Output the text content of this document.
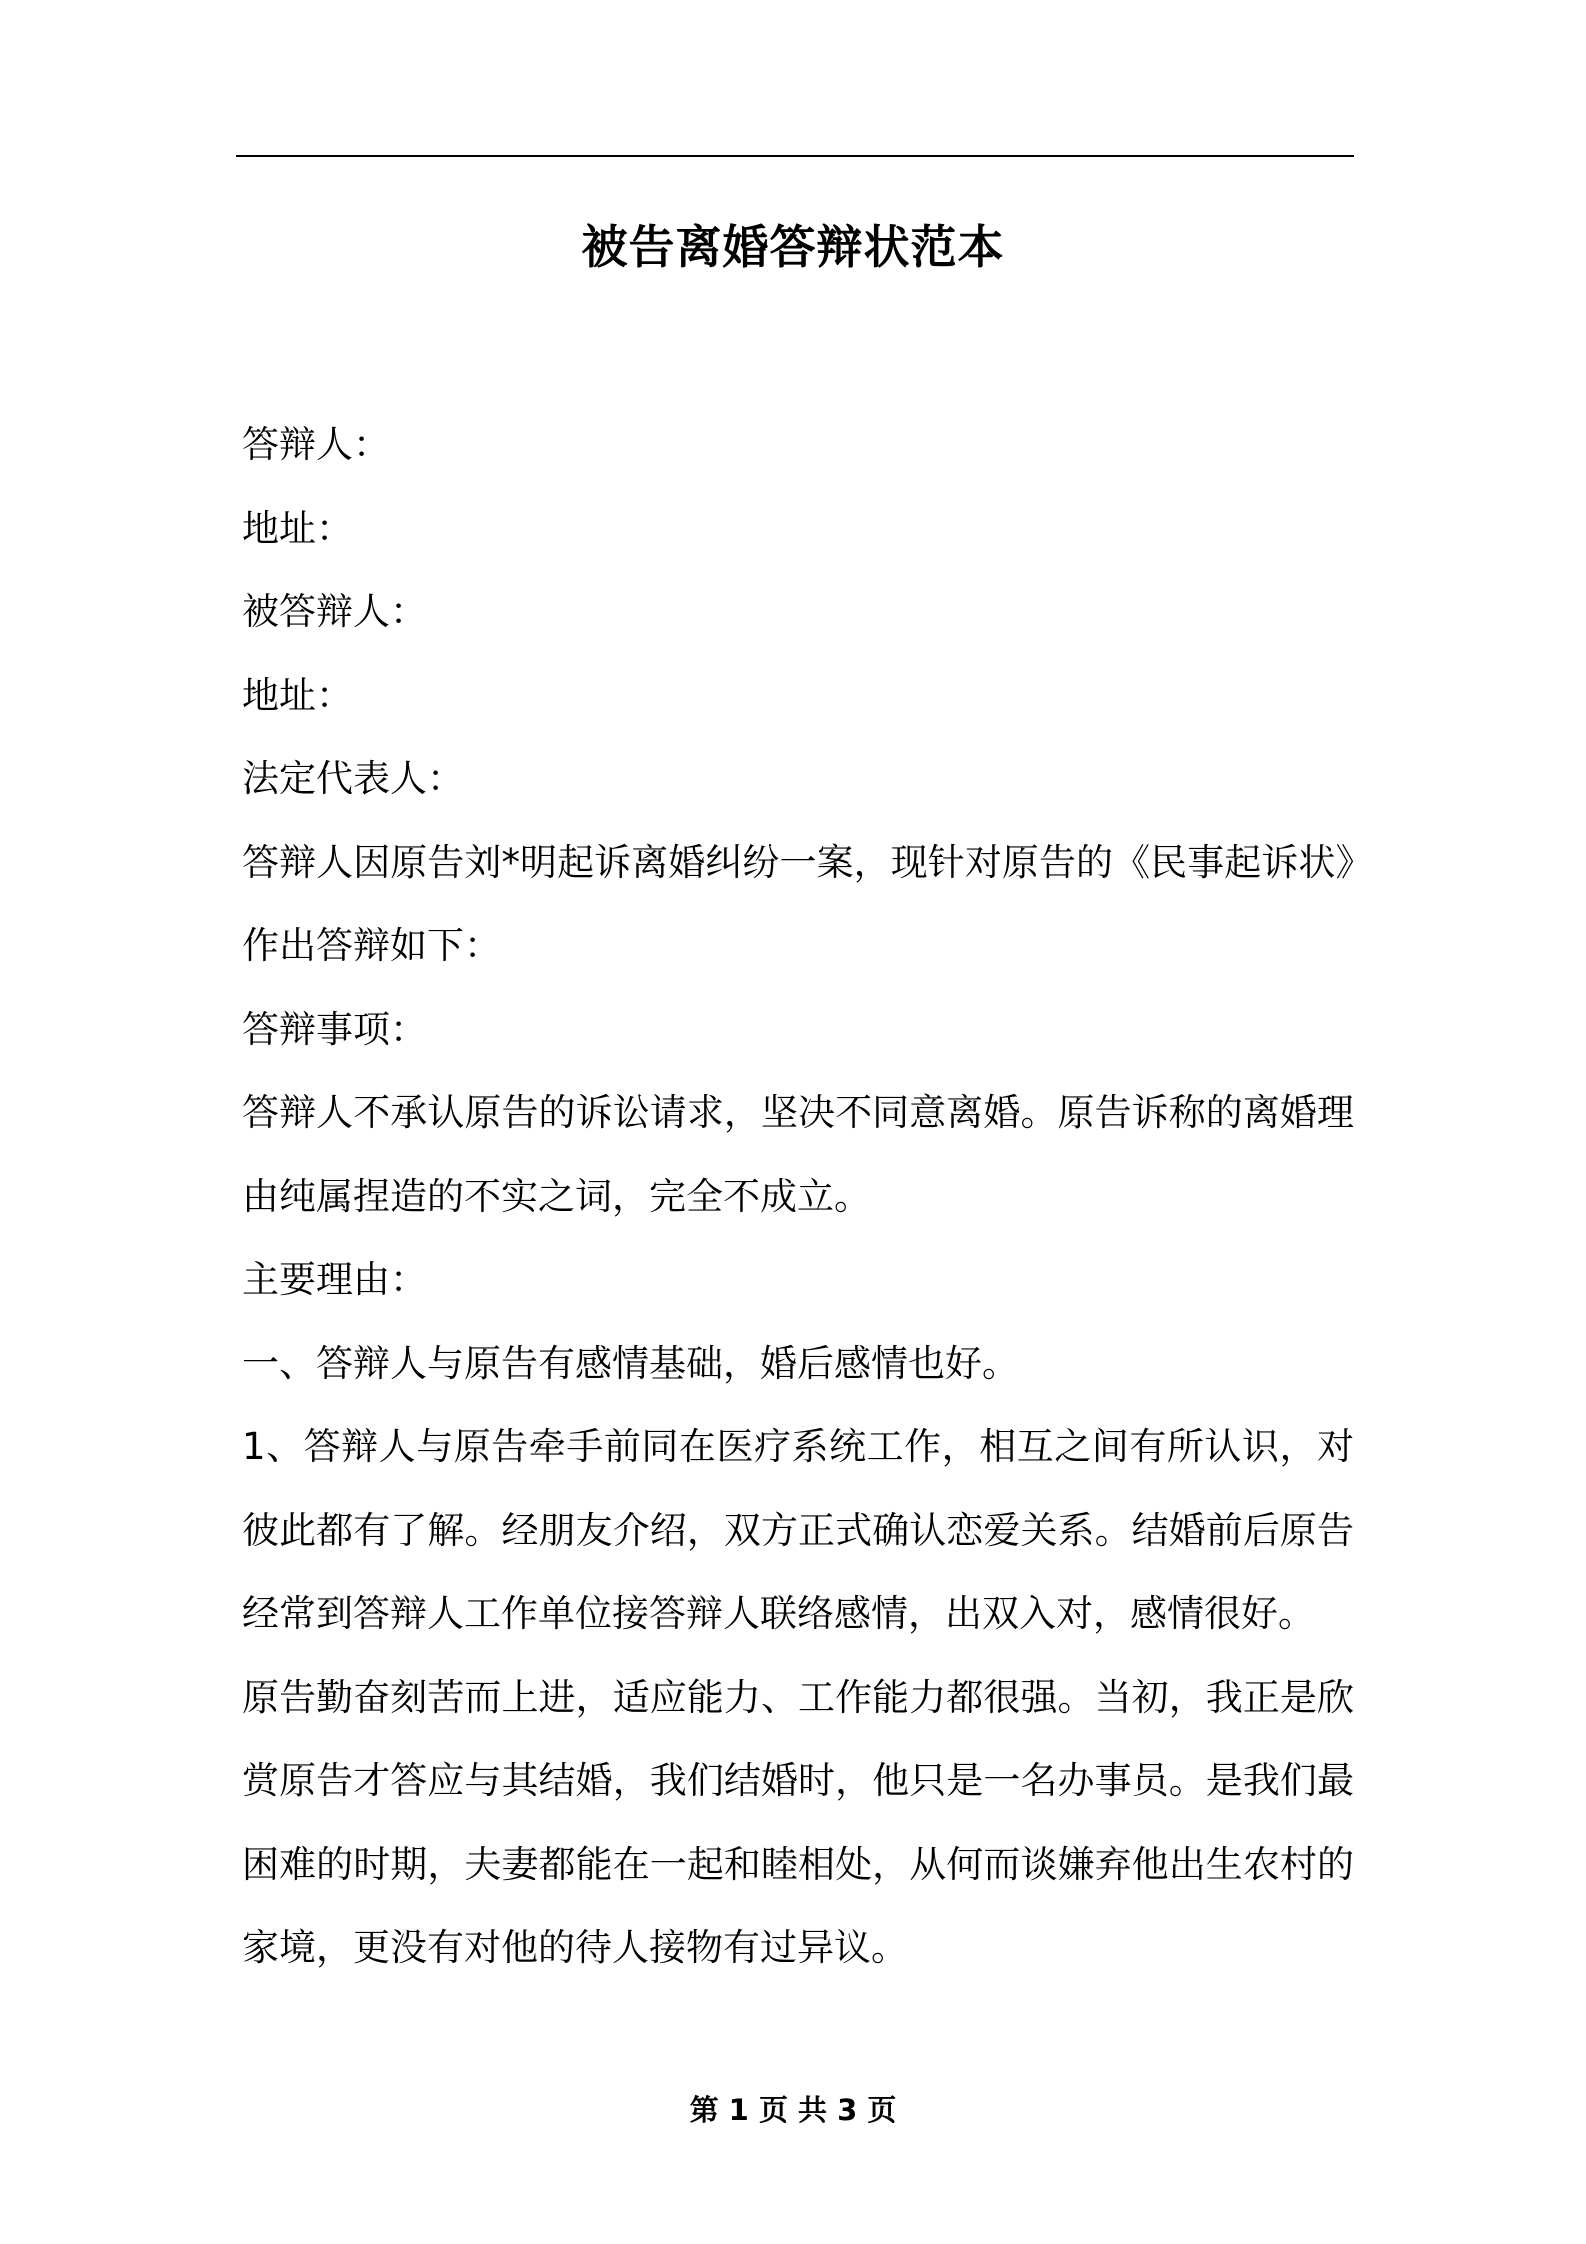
被告离婚答辩状范本

答辩人：

地址：

被答辩人：

地址：

法定代表人：

答辩人因原告刘*明起诉离婚纠纷一案，现针对原告的《民事起诉状》作出答辩如下：

答辩事项：

答辩人不承认原告的诉讼请求，坚决不同意离婚。原告诉称的离婚理由纯属捏造的不实之词，完全不成立。

主要理由：

一、答辩人与原告有感情基础，婚后感情也好。

1、答辩人与原告牵手前同在医疗系统工作，相互之间有所认识，对彼此都有了解。经朋友介绍，双方正式确认恋爱关系。结婚前后原告经常到答辩人工作单位接答辩人联络感情，出双入对，感情很好。

原告勤奋刻苦而上进，适应能力、工作能力都很强。当初，我正是欣赏原告才答应与其结婚，我们结婚时，他只是一名办事员。是我们最困难的时期，夫妻都能在一起和睦相处，从何而谈嫌弃他出生农村的家境，更没有对他的待人接物有过异议。

第 1 页 共 3 页
